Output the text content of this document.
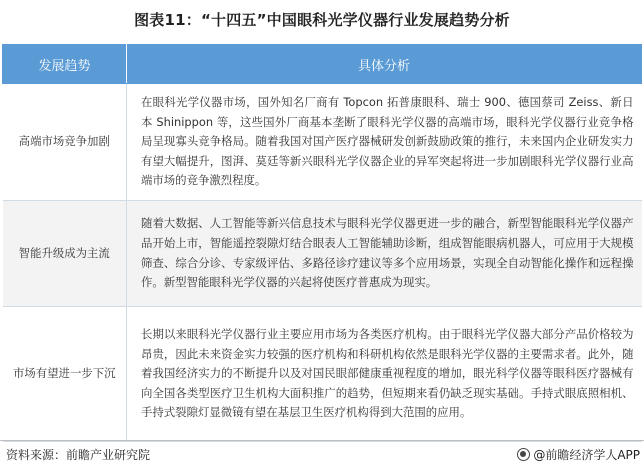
图表11：“十四五”中国眼科光学仪器行业发展趋势分析
发展趋势	具体分析
高端市场竞争加剧	在眼科光学仪器市场，国外知名厂商有 Topcon 拓普康眼科、瑞士 900、德国蔡司 Zeiss、新日本 Shinippon 等，这些国外厂商基本垄断了眼科光学仪器的高端市场，眼科光学仪器行业竞争格局呈现寡头竞争格局。随着我国对国产医疗器械研发创新鼓励政策的推行，未来国内企业研发实力有望大幅提升，图湃、莫廷等新兴眼科光学仪器企业的异军突起将进一步加剧眼科光学仪器行业高端市场的竞争激烈程度。
智能升级成为主流	随着大数据、人工智能等新兴信息技术与眼科光学仪器更进一步的融合，新型智能眼科光学仪器产品开始上市，智能遥控裂隙灯结合眼表人工智能辅助诊断，组成智能眼病机器人，可应用于大规模筛查、综合分诊、专家级评估、多路径诊疗建议等多个应用场景，实现全自动智能化操作和远程操作。新型智能眼科光学仪器的兴起将使医疗普惠成为现实。
市场有望进一步下沉	长期以来眼科光学仪器行业主要应用市场为各类医疗机构。由于眼科光学仪器大部分产品价格较为昂贵，因此未来资金实力较强的医疗机构和科研机构依然是眼科光学仪器的主要需求者。此外，随着我国经济实力的不断提升以及对国民眼部健康重视程度的增加，眼光科学仪器等眼科医疗器械有向全国各类型医疗卫生机构大面积推广的趋势，但短期来看仍缺乏现实基础。手持式眼底照相机、手持式裂隙灯显微镜有望在基层卫生医疗机构得到大范围的应用。
资料来源：前瞻产业研究院	@前瞻经济学人APP
